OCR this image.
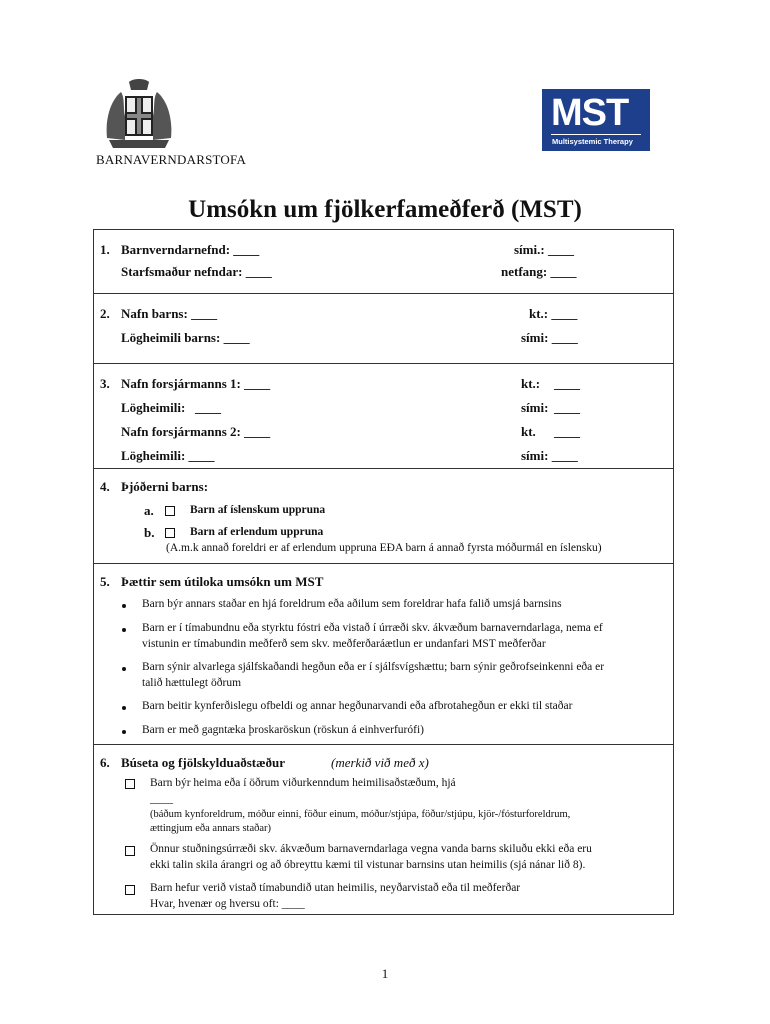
BARNAVERNDARSTOFA
MST
Multisystemic Therapy
Umsókn um fjölkerfameðferð (MST)
1. Barnverndarnefnd: ____	sími.: ____
Starfsmaður nefndar: ____	netfang: ____
2. Nafn barns: ____	kt.: ____
Lögheimili barns: ____	sími: ____
3. Nafn forsjármanns 1: ____	kt.: ____
Lögheimili: ____	sími: ____
Nafn forsjármanns 2: ____	kt. ____
Lögheimili: ____	sími: ____
4. Þjóðerni barns:
a.	Barn af íslenskum uppruna
b.	Barn af erlendum uppruna
(A.m.k annað foreldri er af erlendum uppruna EÐA barn á annað fyrsta móðurmál en íslensku)
5. Þættir sem útiloka umsókn um MST
Barn býr annars staðar en hjá foreldrum eða aðilum sem foreldrar hafa falið umsjá barnsins
Barn er í tímabundnu eða styrktu fóstri eða vistað í úrræði skv. ákvæðum barnaverndarlaga, nema ef
vistunin er tímabundin meðferð sem skv. meðferðaráætlun er undanfari MST meðferðar
Barn sýnir alvarlega sjálfskaðandi hegðun eða er í sjálfsvígshættu; barn sýnir geðrofseinkenni eða er
talið hættulegt öðrum
Barn beitir kynferðislegu ofbeldi og annar hegðunarvandi eða afbrotahegðun er ekki til staðar
Barn er með gagntæka þroskaröskun (röskun á einhverfurófi)
6. Búseta og fjölskylduaðstæður	(merkið við með x)
Barn býr heima eða í öðrum viðurkenndum heimilisaðstæðum, hjá
____
(báðum kynforeldrum, móður einni, föður einum, móður/stjúpa, föður/stjúpu, kjör-/fósturforeldrum,
ættingjum eða annars staðar)
Önnur stuðningsúrræði skv. ákvæðum barnaverndarlaga vegna vanda barns skiluðu ekki eða eru
ekki talin skila árangri og að óbreyttu kæmi til vistunar barnsins utan heimilis (sjá nánar lið 8).
Barn hefur verið vistað tímabundið utan heimilis, neyðarvistað eða til meðferðar
Hvar, hvenær og hversu oft: ____
1
